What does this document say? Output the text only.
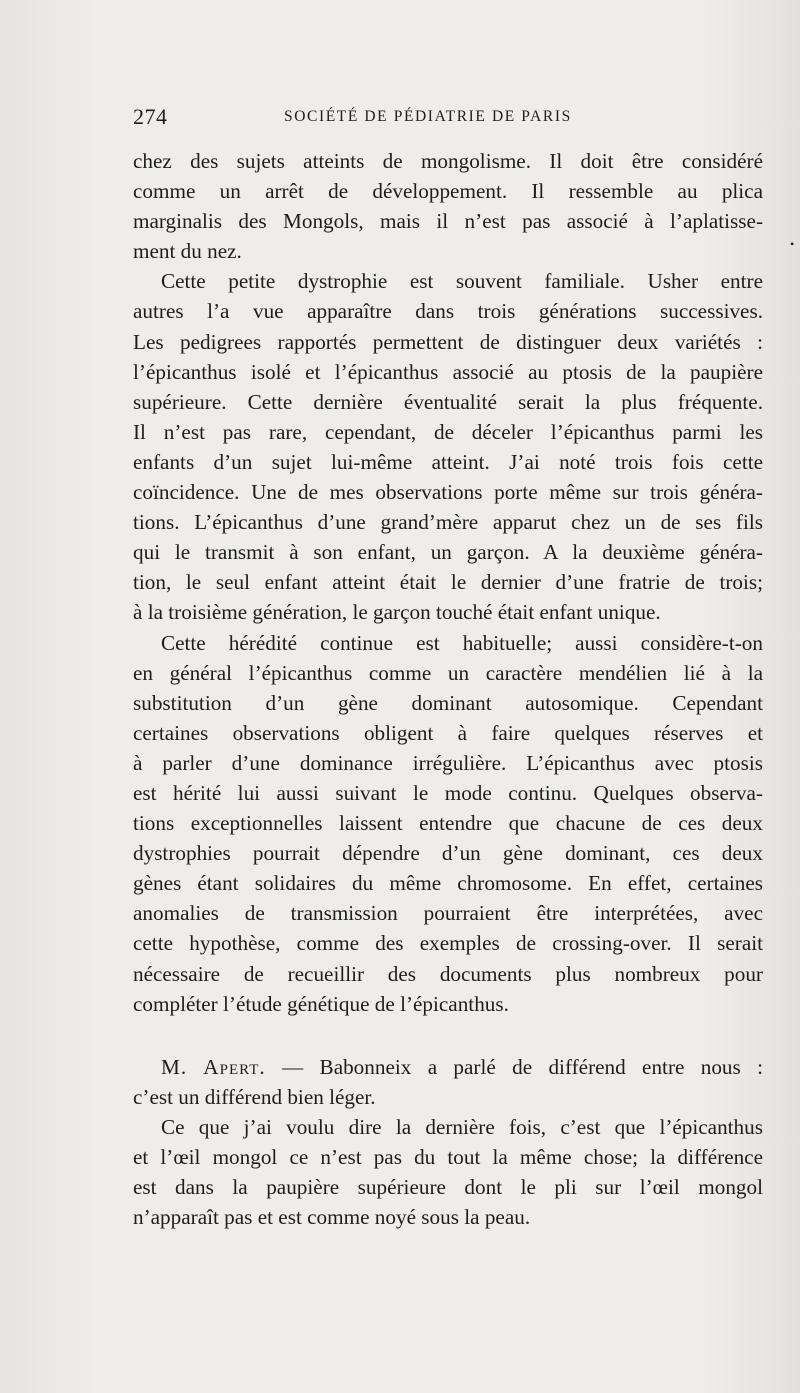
274	SOCIÉTÉ DE PÉDIATRIE DE PARIS
•
chez des sujets atteints de mongolisme. Il doit être considéré
comme un arrêt de développement. Il ressemble au plica
marginalis des Mongols, mais il n’est pas associé à l’aplatisse-
ment du nez.
Cette petite dystrophie est souvent familiale. Usher entre
autres l’a vue apparaître dans trois générations successives.
Les pedigrees rapportés permettent de distinguer deux variétés :
l’épicanthus isolé et l’épicanthus associé au ptosis de la paupière
supérieure. Cette dernière éventualité serait la plus fréquente.
Il n’est pas rare, cependant, de déceler l’épicanthus parmi les
enfants d’un sujet lui-même atteint. J’ai noté trois fois cette
coïncidence. Une de mes observations porte même sur trois généra-
tions. L’épicanthus d’une grand’mère apparut chez un de ses fils
qui le transmit à son enfant, un garçon. A la deuxième généra-
tion, le seul enfant atteint était le dernier d’une fratrie de trois;
à la troisième génération, le garçon touché était enfant unique.
Cette hérédité continue est habituelle; aussi considère-t-on
en général l’épicanthus comme un caractère mendélien lié à la
substitution d’un gène dominant autosomique. Cependant
certaines observations obligent à faire quelques réserves et
à parler d’une dominance irrégulière. L’épicanthus avec ptosis
est hérité lui aussi suivant le mode continu. Quelques observa-
tions exceptionnelles laissent entendre que chacune de ces deux
dystrophies pourrait dépendre d’un gène dominant, ces deux
gènes étant solidaires du même chromosome. En effet, certaines
anomalies de transmission pourraient être interprétées, avec
cette hypothèse, comme des exemples de crossing-over. Il serait
nécessaire de recueillir des documents plus nombreux pour
compléter l’étude génétique de l’épicanthus.
M. Apert. — Babonneix a parlé de différend entre nous :
c’est un différend bien léger.
Ce que j’ai voulu dire la dernière fois, c’est que l’épicanthus
et l’œil mongol ce n’est pas du tout la même chose; la différence
est dans la paupière supérieure dont le pli sur l’œil mongol
n’apparaît pas et est comme noyé sous la peau.
